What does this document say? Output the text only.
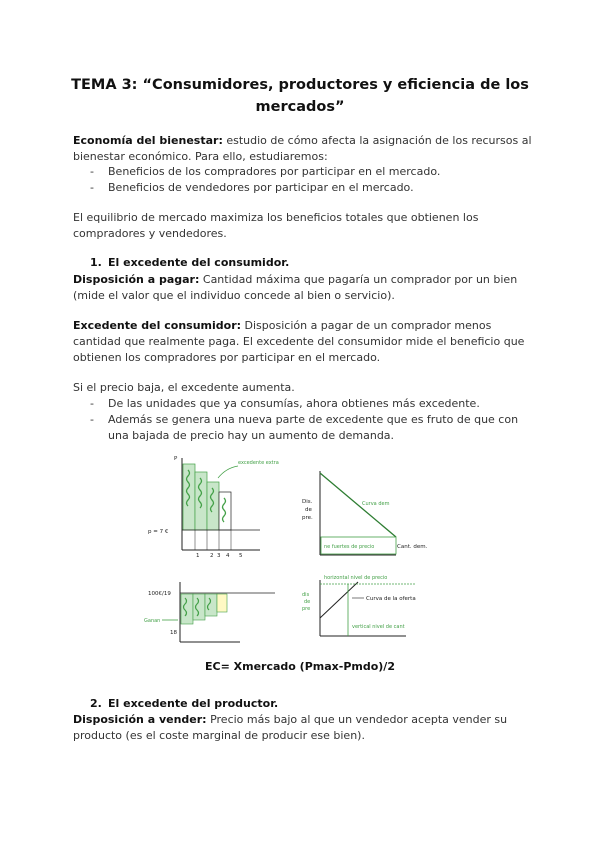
TEMA 3: “Consumidores, productores y eficiencia de los mercados”
Economía del bienestar: estudio de cómo afecta la asignación de los recursos al bienestar económico. Para ello, estudiaremos:
- Beneficios de los compradores por participar en el mercado.
- Beneficios de vendedores por participar en el mercado.
El equilibrio de mercado maximiza los beneficios totales que obtienen los compradores y vendedores.
1. El excedente del consumidor.
Disposición a pagar: Cantidad máxima que pagaría un comprador por un bien (mide el valor que el individuo concede al bien o servicio).
Excedente del consumidor: Disposición a pagar de un comprador menos cantidad que realmente paga. El excedente del consumidor mide el beneficio que obtienen los compradores por participar en el mercado.
Si el precio baja, el excedente aumenta.
- De las unidades que ya consumías, ahora obtienes más excedente.
- Además se genera una nueva parte de excedente que es fruto de que con una bajada de precio hay un aumento de demanda.
P
p = 7 €
1 2 3 4 5
excedente extra
Dis.
de
pre.
ne fuertes de precio
Curva dem
Cant. dem.
100€/19
Ganan
18
horizontal nivel de precio
dis
de
pre
Curva de la oferta
vertical nivel de cant
EC= Xmercado (Pmax-Pmdo)/2
2. El excedente del productor.
Disposición a vender: Precio más bajo al que un vendedor acepta vender su producto (es el coste marginal de producir ese bien).
